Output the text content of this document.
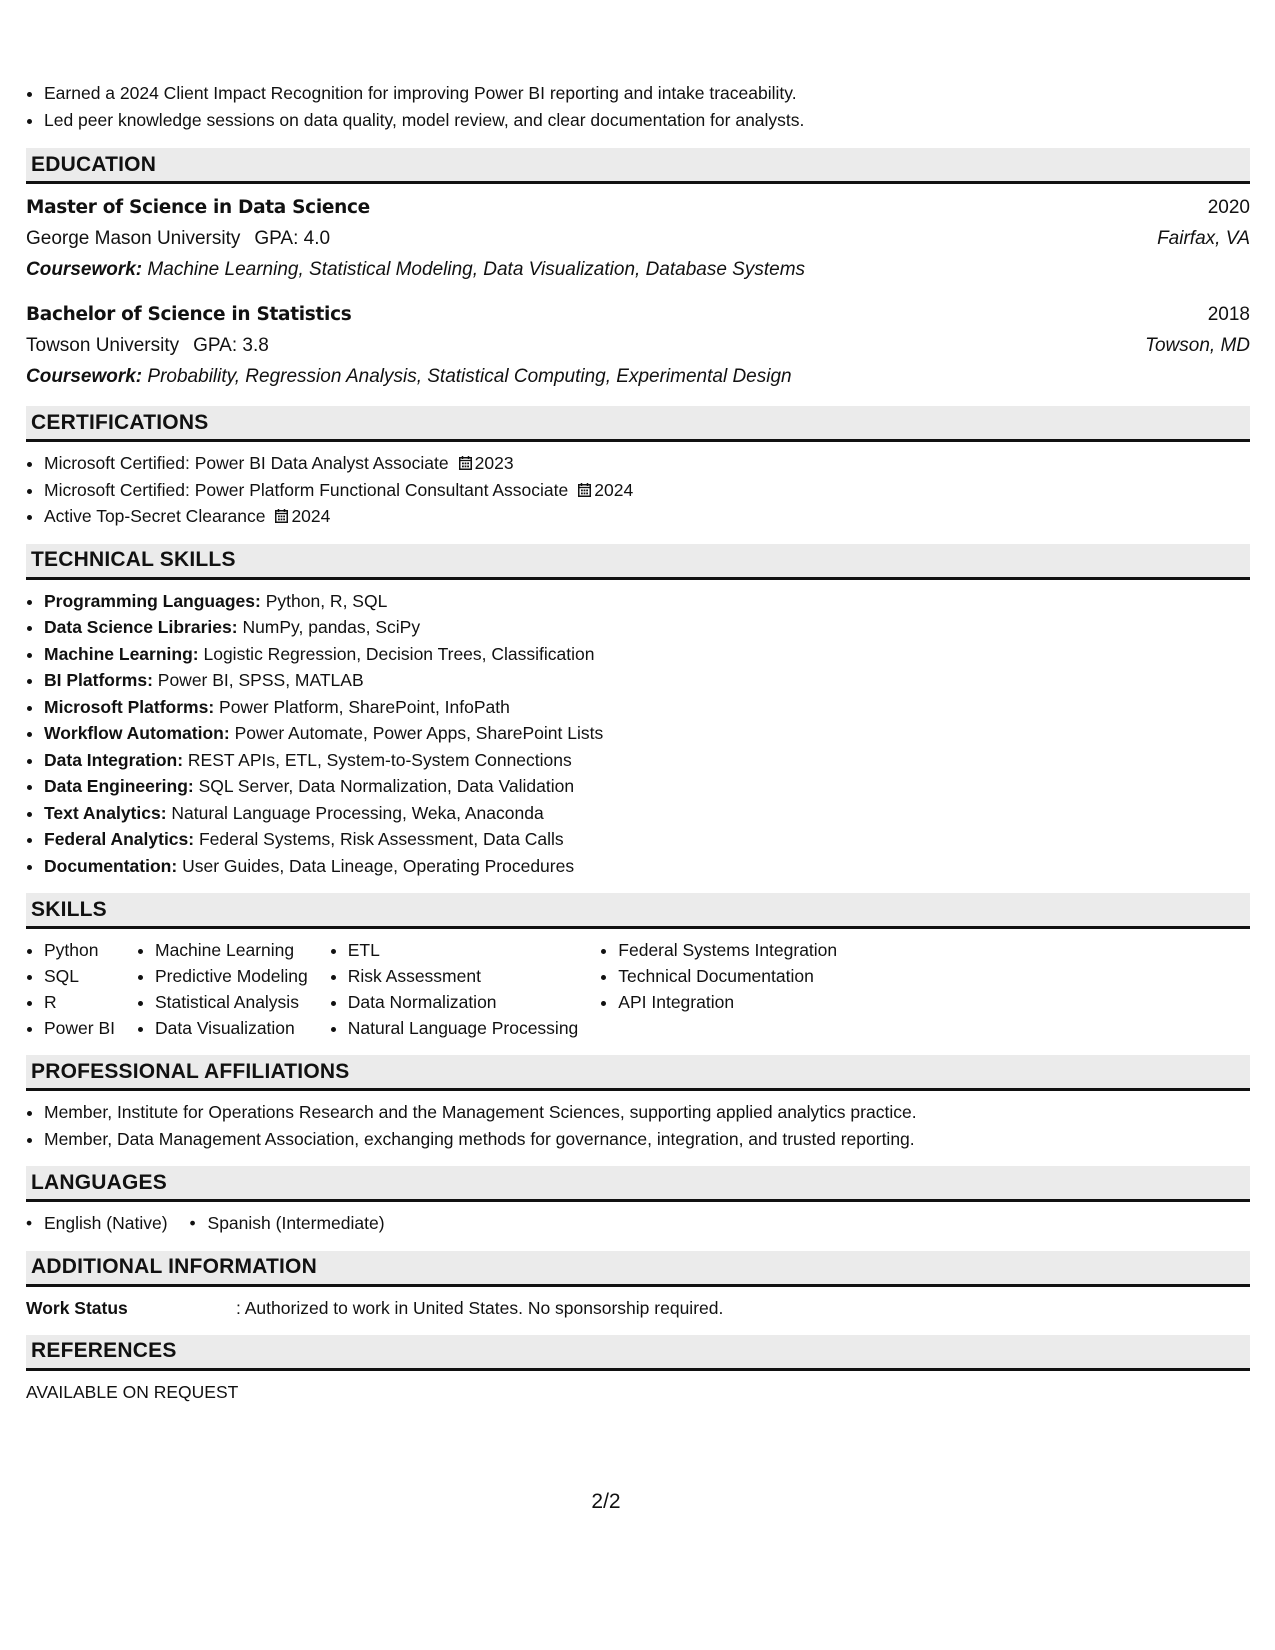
• Earned a 2024 Client Impact Recognition for improving Power BI reporting and intake traceability.
• Led peer knowledge sessions on data quality, model review, and clear documentation for analysts.
EDUCATION
Master of Science in Data Science	2020
George Mason University GPA: 4.0	Fairfax, VA
Coursework: Machine Learning, Statistical Modeling, Data Visualization, Database Systems
Bachelor of Science in Statistics	2018
Towson University GPA: 3.8	Towson, MD
Coursework: Probability, Regression Analysis, Statistical Computing, Experimental Design
CERTIFICATIONS
• Microsoft Certified: Power BI Data Analyst Associate 2023
• Microsoft Certified: Power Platform Functional Consultant Associate 2024
• Active Top-Secret Clearance 2024
TECHNICAL SKILLS
• Programming Languages: Python, R, SQL
• Data Science Libraries: NumPy, pandas, SciPy
• Machine Learning: Logistic Regression, Decision Trees, Classification
• BI Platforms: Power BI, SPSS, MATLAB
• Microsoft Platforms: Power Platform, SharePoint, InfoPath
• Workflow Automation: Power Automate, Power Apps, SharePoint Lists
• Data Integration: REST APIs, ETL, System-to-System Connections
• Data Engineering: SQL Server, Data Normalization, Data Validation
• Text Analytics: Natural Language Processing, Weka, Anaconda
• Federal Analytics: Federal Systems, Risk Assessment, Data Calls
• Documentation: User Guides, Data Lineage, Operating Procedures
SKILLS
• Python
• SQL
• R
• Power BI
• Machine Learning
• Predictive Modeling
• Statistical Analysis
• Data Visualization
• ETL
• Risk Assessment
• Data Normalization
• Natural Language Processing
• Federal Systems Integration
• Technical Documentation
• API Integration
PROFESSIONAL AFFILIATIONS
• Member, Institute for Operations Research and the Management Sciences, supporting applied analytics practice.
• Member, Data Management Association, exchanging methods for governance, integration, and trusted reporting.
LANGUAGES
• English (Native)
•	Spanish (Intermediate)
ADDITIONAL INFORMATION
Work Status	: Authorized to work in United States. No sponsorship required.
REFERENCES
AVAILABLE ON REQUEST
2/2
